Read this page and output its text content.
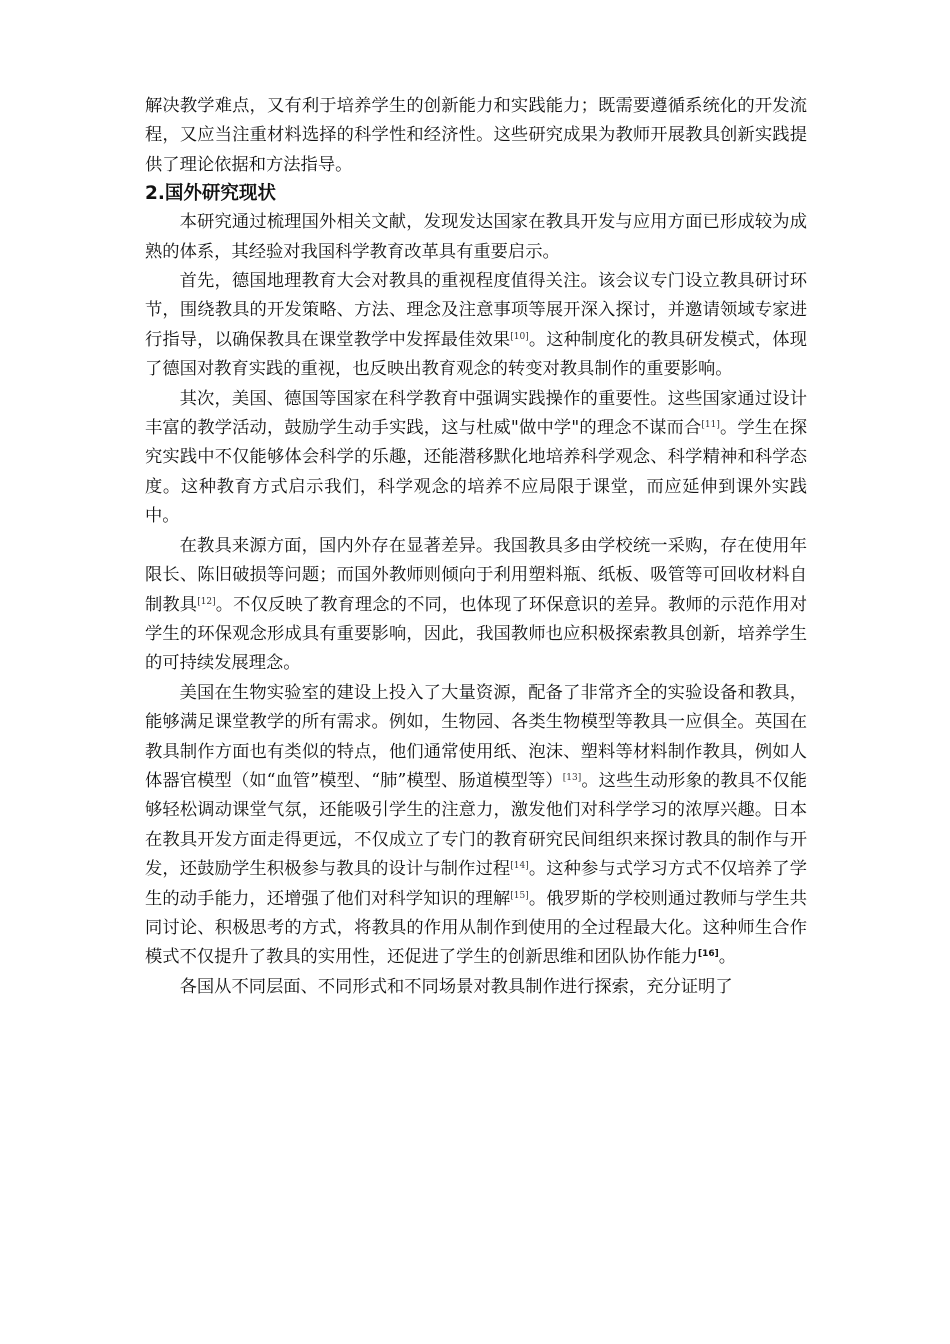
解决教学难点，又有利于培养学生的创新能力和实践能力；既需要遵循系统化的开发流程，又应当注重材料选择的科学性和经济性。这些研究成果为教师开展教具创新实践提供了理论依据和方法指导。

2.国外研究现状

本研究通过梳理国外相关文献，发现发达国家在教具开发与应用方面已形成较为成熟的体系，其经验对我国科学教育改革具有重要启示。

首先，德国地理教育大会对教具的重视程度值得关注。该会议专门设立教具研讨环节，围绕教具的开发策略、方法、理念及注意事项等展开深入探讨，并邀请领域专家进行指导，以确保教具在课堂教学中发挥最佳效果[10]。这种制度化的教具研发模式，体现了德国对教育实践的重视，也反映出教育观念的转变对教具制作的重要影响。

其次，美国、德国等国家在科学教育中强调实践操作的重要性。这些国家通过设计丰富的教学活动，鼓励学生动手实践，这与杜威"做中学"的理念不谋而合[11]。学生在探究实践中不仅能够体会科学的乐趣，还能潜移默化地培养科学观念、科学精神和科学态度。这种教育方式启示我们，科学观念的培养不应局限于课堂，而应延伸到课外实践中。

在教具来源方面，国内外存在显著差异。我国教具多由学校统一采购，存在使用年限长、陈旧破损等问题；而国外教师则倾向于利用塑料瓶、纸板、吸管等可回收材料自制教具[12]。不仅反映了教育理念的不同，也体现了环保意识的差异。教师的示范作用对学生的环保观念形成具有重要影响，因此，我国教师也应积极探索教具创新，培养学生的可持续发展理念。

美国在生物实验室的建设上投入了大量资源，配备了非常齐全的实验设备和教具，能够满足课堂教学的所有需求。例如，生物园、各类生物模型等教具一应俱全。英国在教具制作方面也有类似的特点，他们通常使用纸、泡沫、塑料等材料制作教具，例如人体器官模型（如“血管”模型、“肺”模型、肠道模型等）[13]。这些生动形象的教具不仅能够轻松调动课堂气氛，还能吸引学生的注意力，激发他们对科学学习的浓厚兴趣。日本在教具开发方面走得更远，不仅成立了专门的教育研究民间组织来探讨教具的制作与开发，还鼓励学生积极参与教具的设计与制作过程[14]。这种参与式学习方式不仅培养了学生的动手能力，还增强了他们对科学知识的理解[15]。俄罗斯的学校则通过教师与学生共同讨论、积极思考的方式，将教具的作用从制作到使用的全过程最大化。这种师生合作模式不仅提升了教具的实用性，还促进了学生的创新思维和团队协作能力[16]。

各国从不同层面、不同形式和不同场景对教具制作进行探索，充分证明了
